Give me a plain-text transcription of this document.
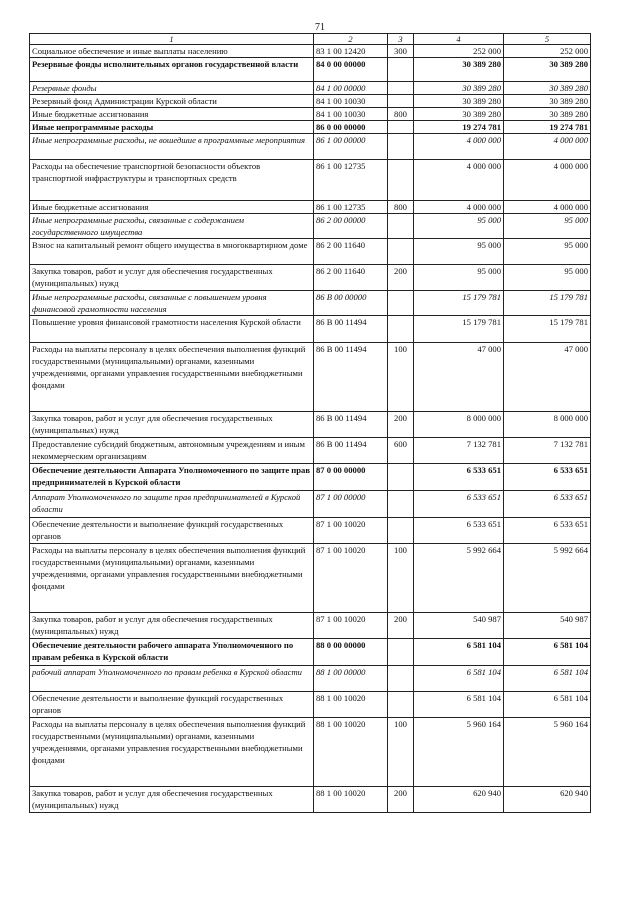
71
1	2	3	4	5
Социальное обеспечение и иные выплаты населению	83 1 00 12420	300	252 000	252 000
Резервные фонды исполнительных органов государственной власти	84 0 00 00000		30 389 280	30 389 280
Резервные фонды	84 1 00 00000		30 389 280	30 389 280
Резервный фонд Администрации Курской области	84 1 00 10030		30 389 280	30 389 280
Иные бюджетные ассигнования	84 1 00 10030	800	30 389 280	30 389 280
Иные непрограммные расходы	86 0 00 00000		19 274 781	19 274 781
Иные непрограммные расходы, не вошедшие в программные мероприятия	86 1 00 00000		4 000 000	4 000 000
Расходы на обеспечение транспортной безопасности объектов транспортной инфраструктуры и транспортных средств	86 1 00 12735		4 000 000	4 000 000
Иные бюджетные ассигнования	86 1 00 12735	800	4 000 000	4 000 000
Иные непрограммные расходы, связанные с содержанием государственного имущества	86 2 00 00000		95 000	95 000
Взнос на капитальный ремонт общего имущества в многоквартирном доме	86 2 00 11640		95 000	95 000
Закупка товаров, работ и услуг для обеспечения государственных (муниципальных) нужд	86 2 00 11640	200	95 000	95 000
Иные непрограммные расходы, связанные с повышением уровня финансовой грамотности населения	86 В 00 00000		15 179 781	15 179 781
Повышение уровня финансовой грамотности населения Курской области	86 В 00 11494		15 179 781	15 179 781
Расходы на выплаты персоналу в целях обеспечения выполнения функций государственными (муниципальными) органами, казенными учреждениями, органами управления государственными внебюджетными фондами	86 В 00 11494	100	47 000	47 000
Закупка товаров, работ и услуг для обеспечения государственных (муниципальных) нужд	86 В 00 11494	200	8 000 000	8 000 000
Предоставление субсидий бюджетным, автономным учреждениям и иным некоммерческим организациям	86 В 00 11494	600	7 132 781	7 132 781
Обеспечение деятельности Аппарата Уполномоченного по защите прав предпринимателей в Курской области	87 0 00 00000		6 533 651	6 533 651
Аппарат Уполномоченного по защите прав предпринимателей в Курской области	87 1 00 00000		6 533 651	6 533 651
Обеспечение деятельности и выполнение функций государственных органов	87 1 00 10020		6 533 651	6 533 651
Расходы на выплаты персоналу в целях обеспечения выполнения функций государственными (муниципальными) органами, казенными учреждениями, органами управления государственными внебюджетными фондами	87 1 00 10020	100	5 992 664	5 992 664
Закупка товаров, работ и услуг для обеспечения государственных (муниципальных) нужд	87 1 00 10020	200	540 987	540 987
Обеспечение деятельности рабочего аппарата Уполномоченного по правам ребенка в Курской области	88 0 00 00000		6 581 104	6 581 104
рабочий аппарат Уполномоченного по правам ребенка в Курской области	88 1 00 00000		6 581 104	6 581 104
Обеспечение деятельности и выполнение функций государственных органов	88 1 00 10020		6 581 104	6 581 104
Расходы на выплаты персоналу в целях обеспечения выполнения функций государственными (муниципальными) органами, казенными учреждениями, органами управления государственными внебюджетными фондами	88 1 00 10020	100	5 960 164	5 960 164
Закупка товаров, работ и услуг для обеспечения государственных (муниципальных) нужд	88 1 00 10020	200	620 940	620 940
